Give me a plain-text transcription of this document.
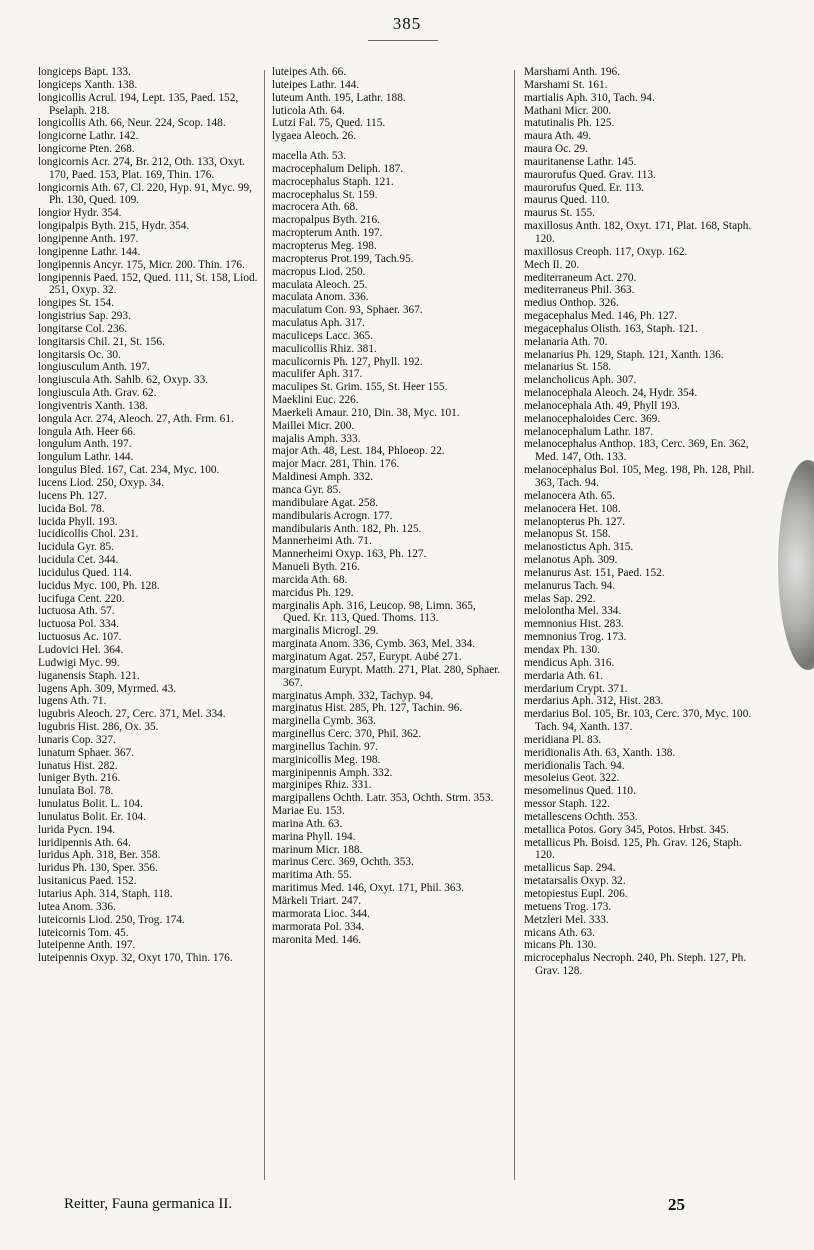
385
longiceps Bapt. 133.
longiceps Xanth. 138.
longicollis Acrul. 194, Lept. 135, Paed. 152, Pselaph. 218.
longicollis Ath. 66, Neur. 224, Scop. 148.
longicorne Lathr. 142.
longicorne Pten. 268.
longicornis Acr. 274, Br. 212, Oth. 133, Oxyt. 170, Paed. 153, Plat. 169, Thin. 176.
longicornis Ath. 67, Cl. 220, Hyp. 91, Myc. 99, Ph. 130, Qued. 109.
longior Hydr. 354.
longipalpis Byth. 215, Hydr. 354.
longipenne Anth. 197.
longipenne Lathr. 144.
longipennis Ancyr. 175, Micr. 200. Thin. 176.
longipennis Paed. 152, Qued. 111, St. 158, Liod. 251, Oxyp. 32.
longipes St. 154.
longistrius Sap. 293.
longitarse Col. 236.
longitarsis Chil. 21, St. 156.
longitarsis Oc. 30.
longiusculum Anth. 197.
longiuscula Ath. Sahlb. 62, Oxyp. 33.
longiuscula Ath. Grav. 62.
longiventris Xanth. 138.
longula Acr. 274, Aleoch. 27, Ath. Frm. 61.
longula Ath. Heer 66.
longulum Anth. 197.
longulum Lathr. 144.
longulus Bled. 167, Cat. 234, Myc. 100.
lucens Liod. 250, Oxyp. 34.
lucens Ph. 127.
lucida Bol. 78.
lucida Phyll. 193.
lucidicollis Chol. 231.
lucidula Gyr. 85.
lucidula Cet. 344.
lucidulus Qued. 114.
lucidus Myc. 100, Ph. 128.
lucifuga Cent. 220.
luctuosa Ath. 57.
luctuosa Pol. 334.
luctuosus Ac. 107.
Ludovici Hel. 364.
Ludwigi Myc. 99.
luganensis Staph. 121.
lugens Aph. 309, Myrmed. 43.
lugens Ath. 71.
lugubris Aleoch. 27, Cerc. 371, Mel. 334.
lugubris Hist. 286, Ox. 35.
lunaris Cop. 327.
lunatum Sphaer. 367.
lunatus Hist. 282.
luniger Byth. 216.
lunulata Bol. 78.
lunulatus Bolit. L. 104.
lunulatus Bolit. Er. 104.
lurida Pycn. 194.
luridipennis Ath. 64.
luridus Aph. 318, Ber. 358.
luridus Ph. 130, Sper. 356.
lusitanicus Paed. 152.
lutarius Aph. 314, Staph. 118.
lutea Anom. 336.
luteicornis Liod. 250, Trog. 174.
luteicornis Tom. 45.
luteipenne Anth. 197.
luteipennis Oxyp. 32, Oxyt 170, Thin. 176.
luteipes Ath. 66.
luteipes Lathr. 144.
luteum Anth. 195, Lathr. 188.
luticola Ath. 64.
Lutzi Fal. 75, Qued. 115.
lygaea Aleoch. 26.
macella Ath. 53.
macrocephalum Deliph. 187.
macrocephalus Staph. 121.
macrocephalus St. 159.
macrocera Ath. 68.
macropalpus Byth. 216.
macropterum Anth. 197.
macropterus Meg. 198.
macropterus Prot.199, Tach.95.
macropus Liod. 250.
maculata Aleoch. 25.
maculata Anom. 336.
maculatum Con. 93, Sphaer. 367.
maculatus Aph. 317.
maculiceps Lacc. 365.
maculicollis Rhiz. 381.
maculicornis Ph. 127, Phyll. 192.
maculifer Aph. 317.
maculipes St. Grim. 155, St. Heer 155.
Maeklini Euc. 226.
Maerkeli Amaur. 210, Din. 38, Myc. 101.
Maillei Micr. 200.
majalis Amph. 333.
major Ath. 48, Lest. 184, Phloeop. 22.
major Macr. 281, Thin. 176.
Maldinesi Amph. 332.
manca Gyr. 85.
mandibulare Agat. 258.
mandibularis Acrogn. 177.
mandibularis Anth. 182, Ph. 125.
Mannerheimi Ath. 71.
Mannerheimi Oxyp. 163, Ph. 127.
Manueli Byth. 216.
marcida Ath. 68.
marcidus Ph. 129.
marginalis Aph. 316, Leucop. 98, Limn. 365, Qued. Kr. 113, Qued. Thoms. 113.
marginalis Microgl. 29.
marginata Anom. 336, Cymb. 363, Mel. 334.
marginatum Agat. 257, Eurypt. Aubé 271.
marginatum Eurypt. Matth. 271, Plat. 280, Sphaer. 367.
marginatus Amph. 332, Tachyp. 94.
marginatus Hist. 285, Ph. 127, Tachin. 96.
marginella Cymb. 363.
marginellus Cerc. 370, Phil. 362.
marginellus Tachin. 97.
marginicollis Meg. 198.
marginipennis Amph. 332.
marginipes Rhiz. 331.
margipallens Ochth. Latr. 353, Ochth. Strm. 353.
Mariae Eu. 153.
marina Ath. 63.
marina Phyll. 194.
marinum Micr. 188.
marinus Cerc. 369, Ochth. 353.
maritima Ath. 55.
maritimus Med. 146, Oxyt. 171, Phil. 363.
Märkeli Triart. 247.
marmorata Lioc. 344.
marmorata Pol. 334.
maronita Med. 146.
Marshami Anth. 196.
Marshami St. 161.
martialis Aph. 310, Tach. 94.
Mathani Micr. 200.
matutinalis Ph. 125.
maura Ath. 49.
maura Oc. 29.
mauritanense Lathr. 145.
maurorufus Qued. Grav. 113.
maurorufus Qued. Er. 113.
maurus Qued. 110.
maurus St. 155.
maxillosus Anth. 182, Oxyt. 171, Plat. 168, Staph. 120.
maxillosus Creoph. 117, Oxyp. 162.
Mech Il. 20.
mediterraneum Act. 270.
mediterraneus Phil. 363.
medius Onthop. 326.
megacephalus Med. 146, Ph. 127.
megacephalus Olisth. 163, Staph. 121.
melanaria Ath. 70.
melanarius Ph. 129, Staph. 121, Xanth. 136.
melanarius St. 158.
melancholicus Aph. 307.
melanocephala Aleoch. 24, Hydr. 354.
melanocephala Ath. 49, Phyll 193.
melanocephaloides Cerc. 369.
melanocephalum Lathr. 187.
melanocephalus Anthop. 183, Cerc. 369, En. 362, Med. 147, Oth. 133.
melanocephalus Bol. 105, Meg. 198, Ph. 128, Phil. 363, Tach. 94.
melanocera Ath. 65.
melanocera Het. 108.
melanopterus Ph. 127.
melanopus St. 158.
melanostictus Aph. 315.
melanotus Aph. 309.
melanurus Ast. 151, Paed. 152.
melanurus Tach. 94.
melas Sap. 292.
melolontha Mel. 334.
memnonius Hist. 283.
memnonius Trog. 173.
mendax Ph. 130.
mendicus Aph. 316.
merdaria Ath. 61.
merdarium Crypt. 371.
merdarius Aph. 312, Hist. 283.
merdarius Bol. 105, Br. 103, Cerc. 370, Myc. 100. Tach. 94, Xanth. 137.
meridiana Pl. 83.
meridionalis Ath. 63, Xanth. 138.
meridionalis Tach. 94.
mesoleius Geot. 322.
mesomelinus Qued. 110.
messor Staph. 122.
metallescens Ochth. 353.
metallica Potos. Gory 345, Potos. Hrbst. 345.
metallicus Ph. Boisd. 125, Ph. Grav. 126, Staph. 120.
metallicus Sap. 294.
metatarsalis Oxyp. 32.
metopiestus Eupl. 206.
metuens Trog. 173.
Metzleri Mel. 333.
micans Ath. 63.
micans Ph. 130.
microcephalus Necroph. 240, Ph. Steph. 127, Ph. Grav. 128.
Reitter, Fauna germanica II.	25
